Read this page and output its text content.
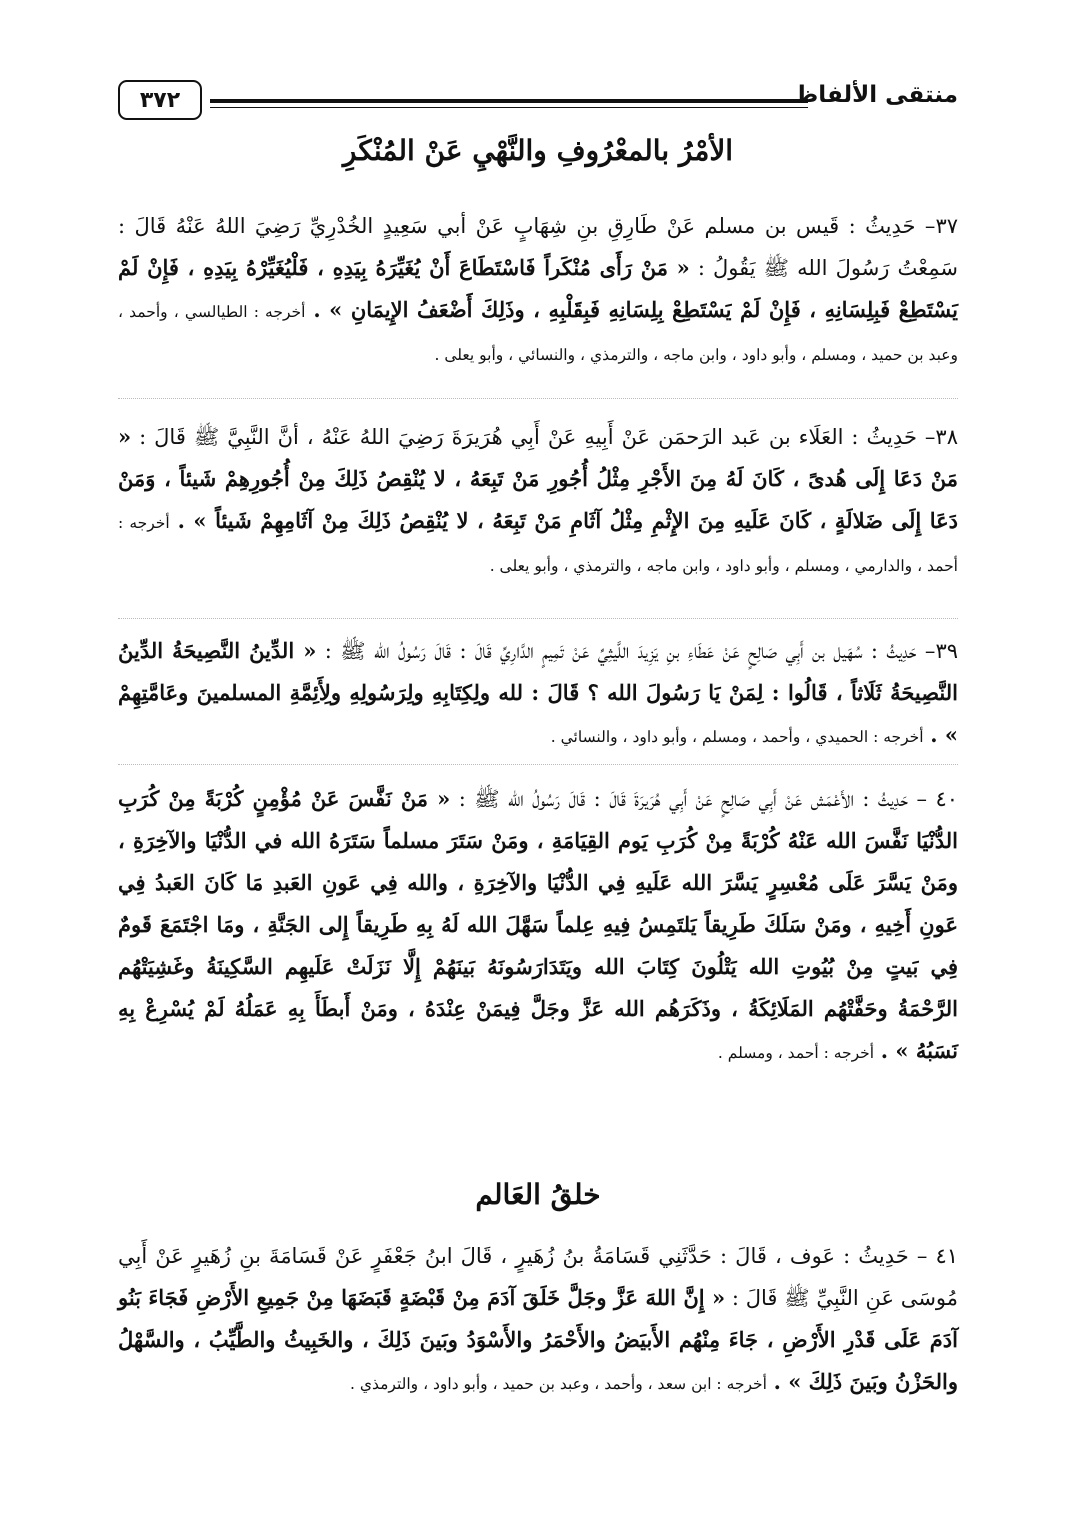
منتقى الألفاظ
٣٧٢
الأمْرُ بالمعْرُوفِ والنَّهْيِ عَنْ المُنْكَرِ
٣٧– حَدِيثُ : قَيس بن مسلم عَنْ طَارِقِ بنِ شِهَابٍ عَنْ أبي سَعِيدٍ الخُدْرِيِّ رَضِيَ اللهُ عَنْهُ قَالَ : سَمِعْتُ رَسُولَ الله ﷺ يَقُولُ : « مَنْ رَأَى مُنْكَراً فَاسْتَطَاعَ أَنْ يُغَيِّرَهُ بِيَدِهِ ، فَلْيُغَيِّرْهُ بِيَدِهِ ، فَإِنْ لَمْ يَسْتَطِعْ فَبِلِسَانِهِ ، فَإِنْ لَمْ يَسْتَطِعْ بِلِسَانِهِ فَبِقَلْبِهِ ، وذَلِكَ أَضْعَفُ الإِيمَانِ » . أخرجه : الطيالسي ، وأحمد ، وعبد بن حميد ، ومسلم ، وأبو داود ، وابن ماجه ، والترمذي ، والنسائي ، وأبو يعلى .
٣٨– حَدِيثُ : العَلَاء بن عَبد الرَحمَن عَنْ أَبِيهِ عَنْ أَبِي هُرَيرَةَ رَضِيَ اللهُ عَنْهُ ، أنَّ النَّبِيَّ ﷺ قَالَ : « مَنْ دَعَا إِلَى هُدىً ، كَانَ لَهُ مِنَ الأَجْرِ مِثْلُ أُجُورِ مَنْ تَبِعَهُ ، لا يُنْقِصُ ذَلِكَ مِنْ أُجُورِهِمْ شَيئاً ، وَمَنْ دَعَا إِلَى ضَلالَةٍ ، كَانَ عَلَيهِ مِنَ الإِثْمِ مِثْلُ آثَامِ مَنْ تَبِعَهُ ، لا يُنْقِصُ ذَلِكَ مِنْ آثَامِهِمْ شَيئاً » . أخرجه : أحمد ، والدارمي ، ومسلم ، وأبو داود ، وابن ماجه ، والترمذي ، وأبو يعلى .
٣٩– حَدِيثُ : سُهَيل بن أَبِي صَالِحٍ عَنْ عَطَاءِ بنِ يَزِيدَ اللَّيثِيِّ عَنْ تَمِيمٍ الدَّارِيِّ قَالَ : قَالَ رَسُولُ الله ﷺ : « الدِّينُ النَّصِيحَةُ الدِّينُ النَّصِيحَةُ ثَلَاثاً ، قَالُوا : لِمَنْ يَا رَسُولَ الله ؟ قَالَ : لله ولِكِتَابِهِ ولِرَسُولِهِ ولِأَئِمَّةِ المسلمينَ وعَامَّتِهِمْ » . أخرجه : الحميدي ، وأحمد ، ومسلم ، وأبو داود ، والنسائي .
٤٠ – حَدِيثُ : الأَعْمَش عَنْ أَبِي صَالِحٍ عَنْ أَبِي هُرَيرَةَ قَالَ : قَالَ رَسُولُ الله ﷺ : « مَنْ نَفَّسَ عَنْ مُؤْمِنٍ كُرْبَةً مِنْ كُرَبِ الدُّنْيَا نَفَّسَ الله عَنْهُ كُرْبَةً مِنْ كُرَبِ يَوم القِيَامَةِ ، ومَنْ سَتَرَ مسلماً سَتَرَهُ الله في الدُّنْيَا والآخِرَةِ ، ومَنْ يَسَّرَ عَلَى مُعْسِرٍ يَسَّرَ الله عَلَيهِ فِي الدُّنْيَا والآخِرَةِ ، والله فِي عَونِ العَبدِ مَا كَانَ العَبدُ فِي عَونِ أَخِيهِ ، ومَنْ سَلَكَ طَرِيقاً يَلتَمِسُ فِيهِ عِلماً سَهَّلَ الله لَهُ بِهِ طَرِيقاً إِلى الجَنَّةِ ، ومَا اجْتَمَعَ قَومٌ فِي بَيتٍ مِنْ بُيُوتِ الله يَتْلُونَ كِتَابَ الله ويَتَدَارَسُونَهُ بَينَهُمْ إِلَّا نَزَلَتْ عَلَيهِم السَّكِينَةُ وغَشِيَتْهُم الرَّحْمَةُ وحَفَّتْهُم المَلَائِكَةُ ، وذَكَرَهُم الله عَزَّ وجَلَّ فِيمَنْ عِنْدَهُ ، ومَنْ أَبطَأَ بِهِ عَمَلُهُ لَمْ يُسْرِعْ بِهِ نَسَبُهُ » . أخرجه : أحمد ، ومسلم .
خلقُ العَالم
٤١ – حَدِيثُ : عَوف ، قَالَ : حَدَّثَنِي قَسَامَةُ بنُ زُهَيرٍ ، قَالَ ابنُ جَعْفَرٍ عَنْ قَسَامَةَ بنِ زُهَيرٍ عَنْ أَبِي مُوسَى عَنِ النَّبِيِّ ﷺ قَالَ : « إِنَّ اللهَ عَزَّ وجَلَّ خَلَقَ آدَمَ مِنْ قَبْضَةٍ قَبَضَهَا مِنْ جَمِيعِ الأَرْضِ فَجَاءَ بَنُو آدَمَ عَلَى قَدْرِ الأَرْضِ ، جَاءَ مِنْهُم الأَبيَضُ والأَحْمَرُ والأَسْوَدُ وبَينَ ذَلِكَ ، والخَبِيثُ والطَّيِّبُ ، والسَّهْلُ والحَزْنُ وبَينَ ذَلِكَ » . أخرجه : ابن سعد ، وأحمد ، وعبد بن حميد ، وأبو داود ، والترمذي .
